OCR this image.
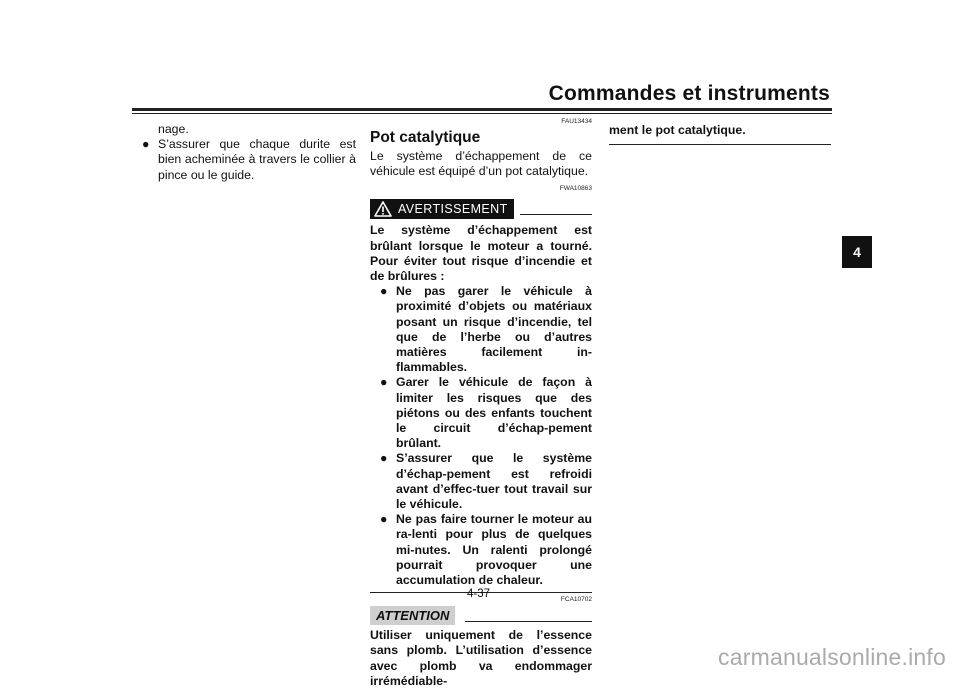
Commandes et instruments
4
nage.
● S’assurer que chaque durite est bien acheminée à travers le collier à pince ou le guide.
FAU13434
Pot catalytique
Le système d’échappement de ce véhicule est équipé d’un pot catalytique.
FWA10863
AVERTISSEMENT
Le système d’échappement est brûlant lorsque le moteur a tourné. Pour éviter tout risque d’incendie et de brûlures :
● Ne pas garer le véhicule à proximité d’objets ou matériaux posant un risque d’incendie, tel que de l’herbe ou d’autres matières facilement in-flammables.
● Garer le véhicule de façon à limiter les risques que des piétons ou des enfants touchent le circuit d’échap-pement brûlant.
● S’assurer que le système d’échap-pement est refroidi avant d’effec-tuer tout travail sur le véhicule.
● Ne pas faire tourner le moteur au ra-lenti pour plus de quelques mi-nutes. Un ralenti prolongé pourrait provoquer une accumulation de chaleur.
FCA10702
ATTENTION
Utiliser uniquement de l’essence sans plomb. L’utilisation d’essence avec plomb va endommager irrémédiable-
ment le pot catalytique.
4-37
carmanualsonline.info
